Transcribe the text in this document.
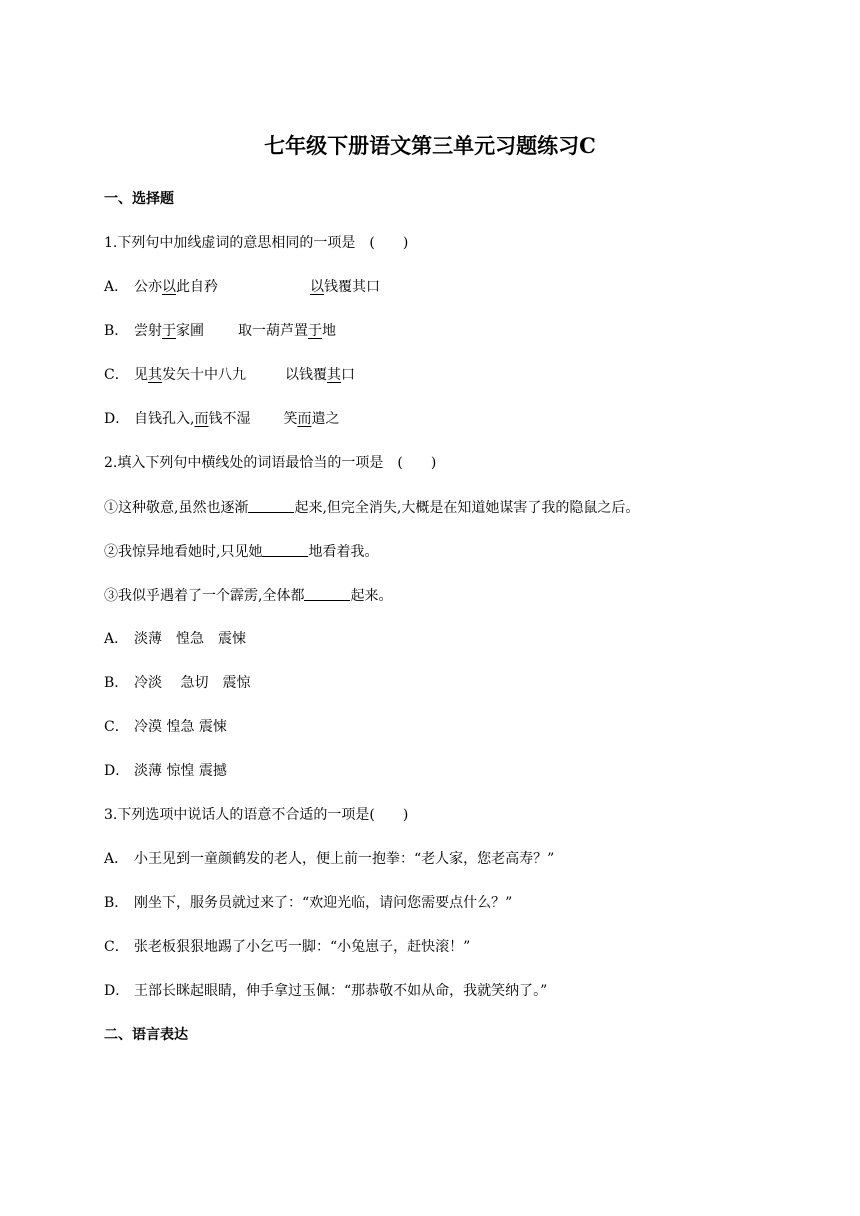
七年级下册语文第三单元习题练习C
一、选择题
1.下列句中加线虚词的意思相同的一项是　(　　)
A． 公亦以此自矜	以钱覆其口
B． 尝射于家圃 取一葫芦置于地
C． 见其发矢十中八九	以钱覆其口
D． 自钱孔入,而钱不湿 笑而遣之
2.填入下列句中横线处的词语最恰当的一项是　(　　)
①这种敬意,虽然也逐渐	起来,但完全消失,大概是在知道她谋害了我的隐鼠之后。
②我惊异地看她时,只见她	地看着我。
③我似乎遇着了一个霹雳,全体都	起来。
A． 淡薄　惶急　震悚
B． 冷淡　 急切　震惊
C． 冷漠 惶急 震悚
D． 淡薄 惊惶 震撼
3.下列选项中说话人的语意不合适的一项是(　　)
A． 小王见到一童颜鹤发的老人，便上前一抱拳：“老人家，您老高寿？”
B． 刚坐下，服务员就过来了：“欢迎光临，请问您需要点什么？”
C． 张老板狠狠地踢了小乞丐一脚：“小兔崽子，赶快滚！”
D． 王部长眯起眼睛，伸手拿过玉佩：“那恭敬不如从命，我就笑纳了。”
二、语言表达
